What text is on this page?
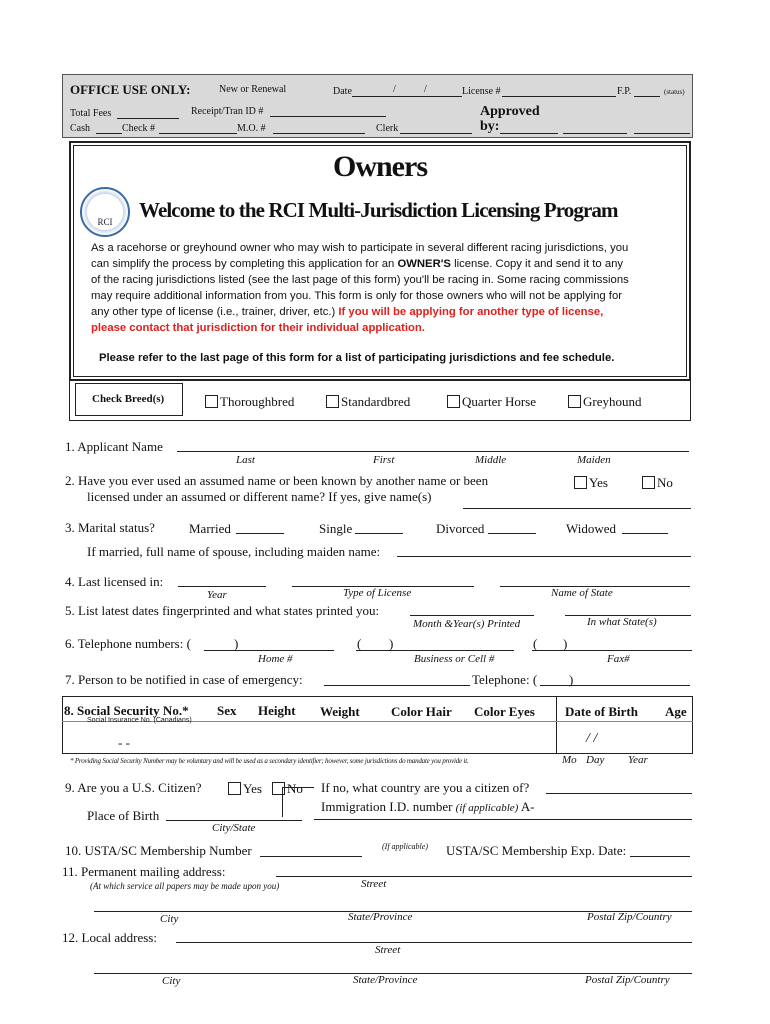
OFFICE USE ONLY:	New or Renewal	Date	/	/	License #	F.P.	(status)
Total Fees	Receipt/Tran ID #	Approved
by:
Cash	Check #	M.O. #	Clerk
RCI
Owners
Welcome to the RCI Multi-Jurisdiction Licensing Program
As a racehorse or greyhound owner who may wish to participate in several different racing jurisdictions, you
can simplify the process by completing this application for an OWNER'S license. Copy it and send it to any
of the racing jurisdictions listed (see the last page of this form) you'll be racing in. Some racing commissions
may require additional information from you. This form is only for those owners who will not be applying for
any other type of license (i.e., trainer, driver, etc.) If you will be applying for another type of license,
please contact that jurisdiction for their individual application.
Please refer to the last page of this form for a list of participating jurisdictions and fee schedule.
Check Breed(s)	Thoroughbred	Standardbred	Quarter Horse	Greyhound
1. Applicant Name
Last	First	Middle	Maiden
2. Have you ever used an assumed name or been known by another name or been
licensed under an assumed or different name? If yes, give name(s)
Yes	No
3. Marital status?	Married	Single	Divorced	Widowed
If married, full name of spouse, including maiden name:
4. Last licensed in:
Year	Type of License	Name of State
5. List latest dates fingerprinted and what states printed you:
Month &Year(s) Printed	In what State(s)
6. Telephone numbers: (	)	( )	( )
Home #	Business or Cell #	Fax#
7. Person to be notified in case of emergency:	Telephone: ( )
8. Social Security No.*
Social Insurance No. (Canadians)
Sex Height Weight Color Hair Color Eyes Date of Birth Age
- -	/ /
* Providing Social Security Number may be voluntary and will be used as a secondary identifier; however, some jurisdictions do mandate you provide it.	Mo Day Year
9. Are you a U.S. Citizen?	Yes	No If no, what country are you a citizen of?
Immigration I.D. number (if applicable) A-
Place of Birth
City/State
10. USTA/SC Membership Number	(If applicable) USTA/SC Membership Exp. Date:
11. Permanent mailing address:
(At which service all papers may be made upon you)	Street
City	State/Province	Postal Zip/Country
12. Local address:
Street
City	State/Province	Postal Zip/Country
